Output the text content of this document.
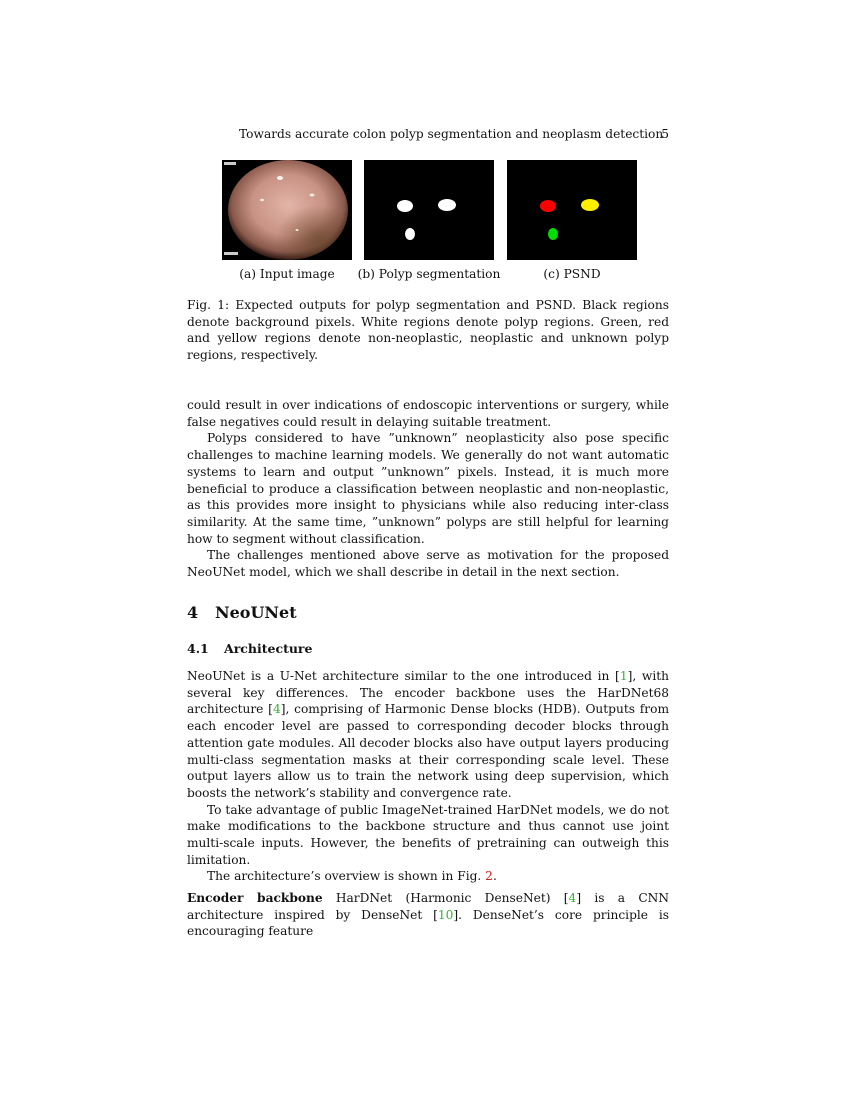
Towards accurate colon polyp segmentation and neoplasm detection
5
(a) Input image	(b) Polyp segmentation	(c) PSND
Fig. 1: Expected outputs for polyp segmentation and PSND. Black regions denote background pixels. White regions denote polyp regions. Green, red and yellow regions denote non-neoplastic, neoplastic and unknown polyp regions, respectively.

could result in over indications of endoscopic interventions or surgery, while false negatives could result in delaying suitable treatment.

Polyps considered to have ”unknown” neoplasticity also pose specific challenges to machine learning models. We generally do not want automatic systems to learn and output ”unknown” pixels. Instead, it is much more beneficial to produce a classification between neoplastic and non-neoplastic, as this provides more insight to physicians while also reducing inter-class similarity. At the same time, ”unknown” polyps are still helpful for learning how to segment without classification.

The challenges mentioned above serve as motivation for the proposed NeoUNet model, which we shall describe in detail in the next section.

4 NeoUNet
4.1 Architecture

NeoUNet is a U-Net architecture similar to the one introduced in [1], with several key differences. The encoder backbone uses the HarDNet68 architecture [4], comprising of Harmonic Dense blocks (HDB). Outputs from each encoder level are passed to corresponding decoder blocks through attention gate modules. All decoder blocks also have output layers producing multi-class segmentation masks at their corresponding scale level. These output layers allow us to train the network using deep supervision, which boosts the network’s stability and convergence rate.

To take advantage of public ImageNet-trained HarDNet models, we do not make modifications to the backbone structure and thus cannot use joint multi-scale inputs. However, the benefits of pretraining can outweigh this limitation.

The architecture’s overview is shown in Fig. 2.

Encoder backbone HarDNet (Harmonic DenseNet) [4] is a CNN architecture inspired by DenseNet [10]. DenseNet’s core principle is encouraging feature
